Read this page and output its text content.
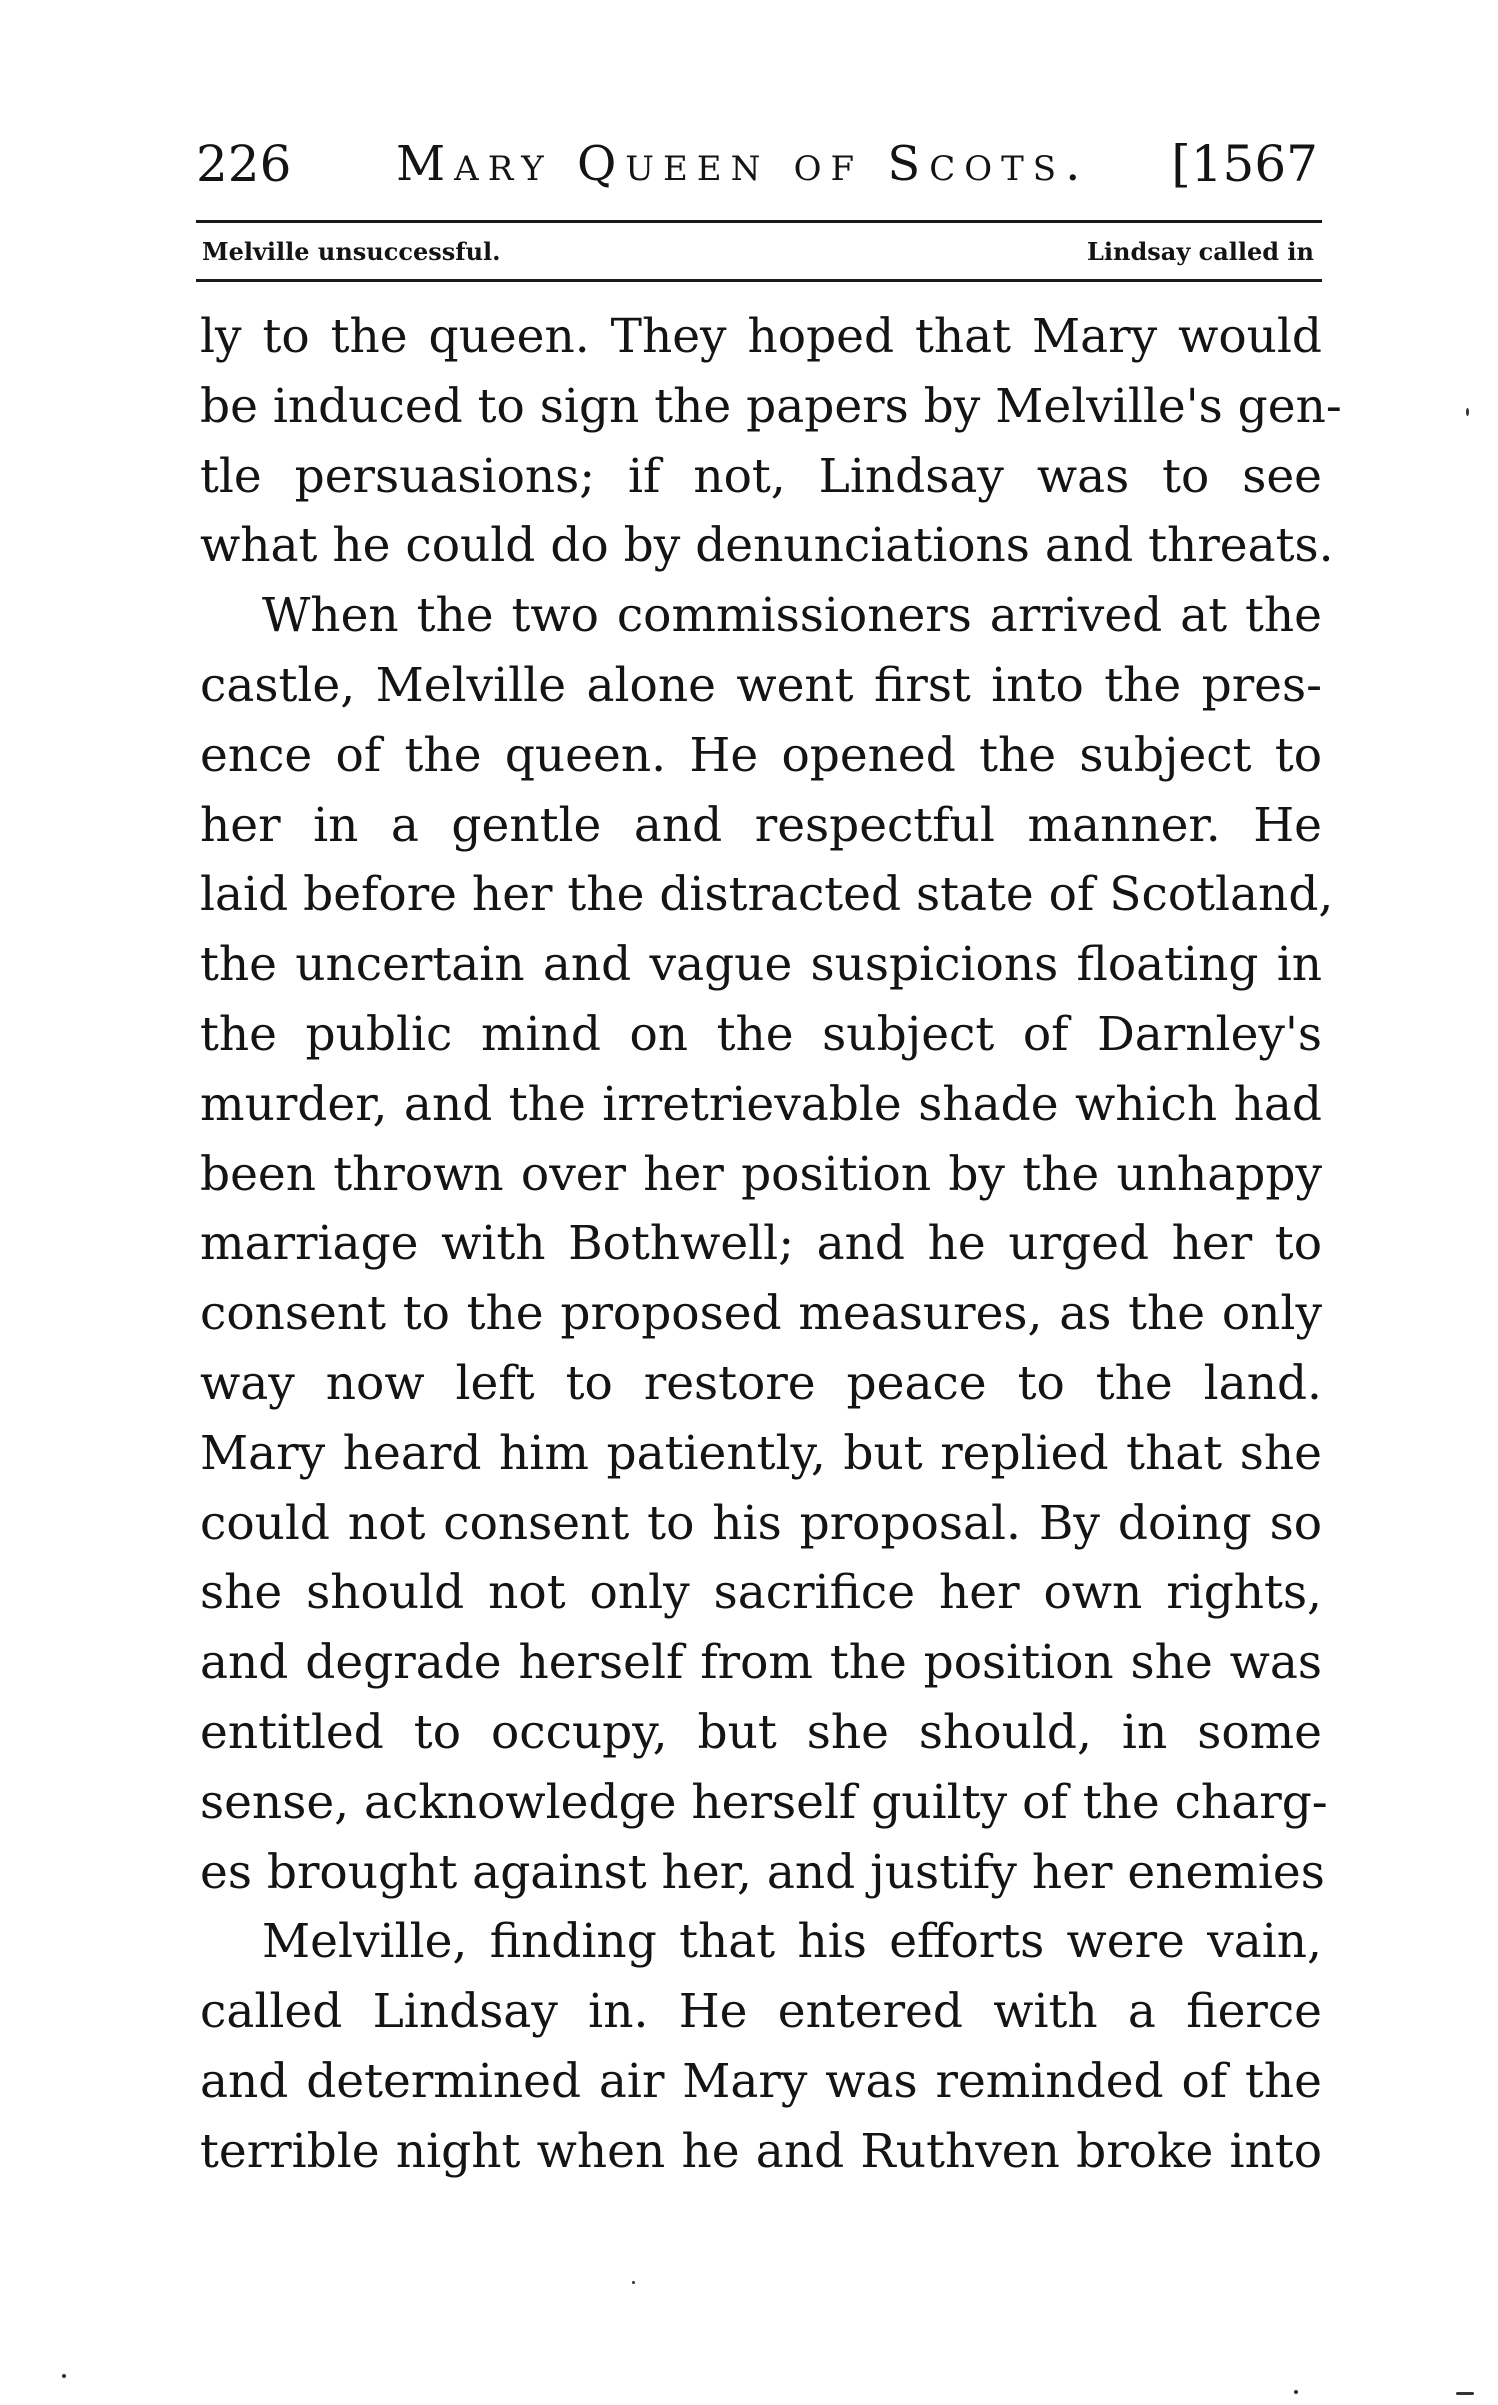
226 Mary Queen of Scots. [1567
Melville unsuccessful.	Lindsay called in
ly to the queen. They hoped that Mary would
be induced to sign the papers by Melville's gen-
tle persuasions; if not, Lindsay was to see
what he could do by denunciations and threats.
When the two commissioners arrived at the
castle, Melville alone went first into the pres-
ence of the queen. He opened the subject to
her in a gentle and respectful manner. He
laid before her the distracted state of Scotland,
the uncertain and vague suspicions floating in
the public mind on the subject of Darnley's
murder, and the irretrievable shade which had
been thrown over her position by the unhappy
marriage with Bothwell; and he urged her to
consent to the proposed measures, as the only
way now left to restore peace to the land.
Mary heard him patiently, but replied that she
could not consent to his proposal. By doing so
she should not only sacrifice her own rights,
and degrade herself from the position she was
entitled to occupy, but she should, in some
sense, acknowledge herself guilty of the charg-
es brought against her, and justify her enemies
Melville, finding that his efforts were vain,
called Lindsay in. He entered with a fierce
and determined air Mary was reminded of the
terrible night when he and Ruthven broke into
